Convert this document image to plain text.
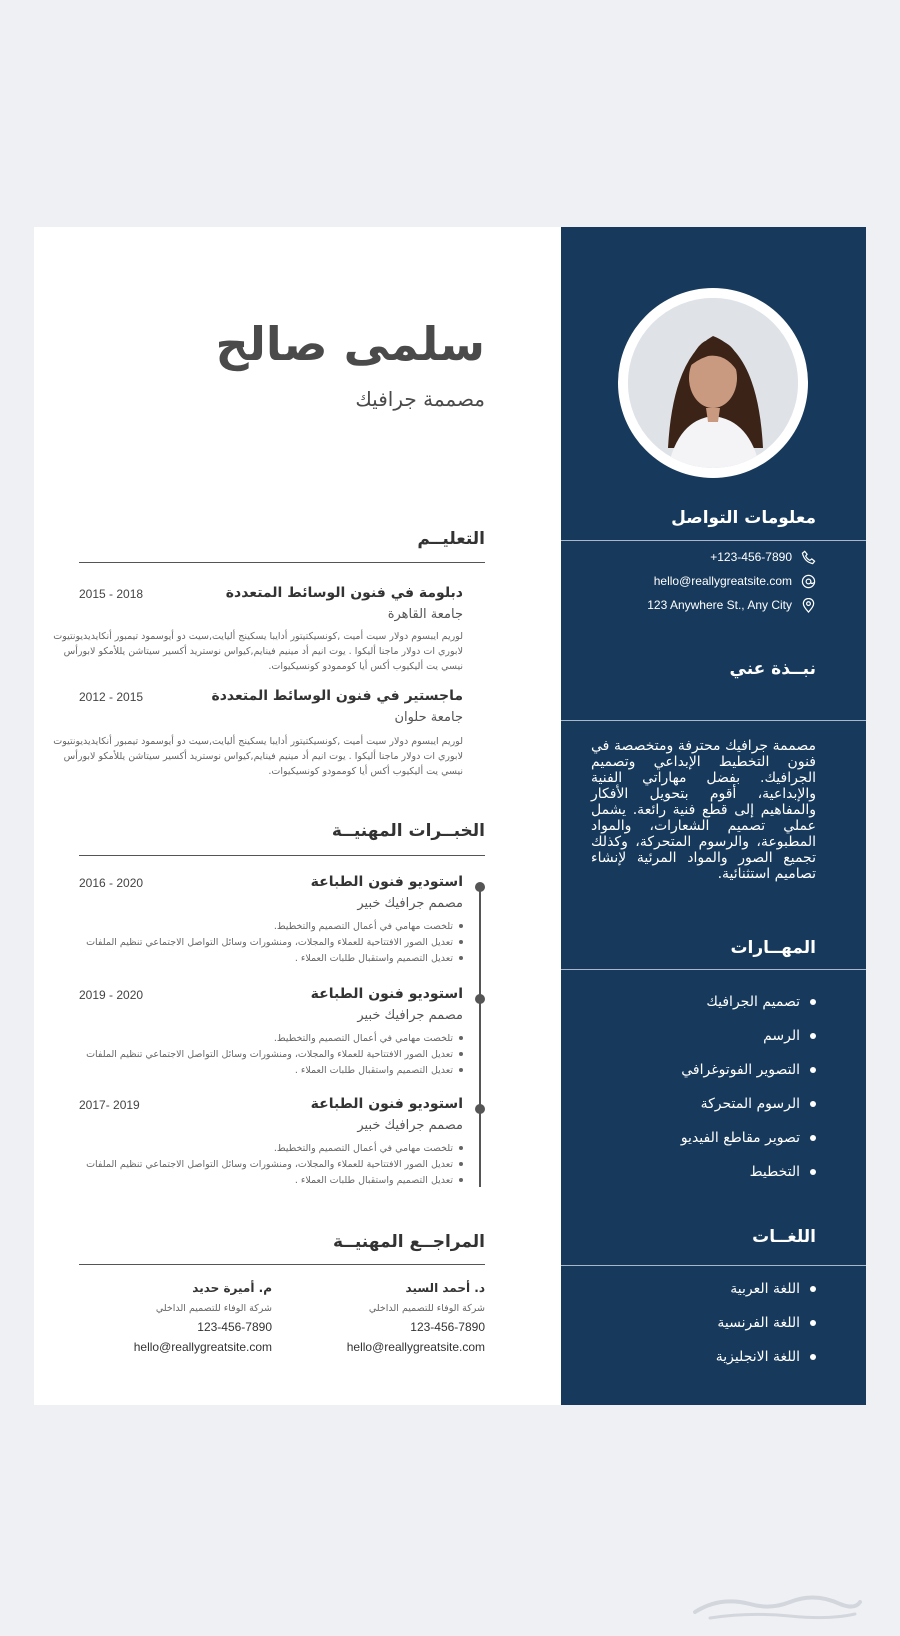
معلومات التواصل
+123-456-7890
hello@reallygreatsite.com
123 Anywhere St., Any City
نبــذة عني
مصممة جرافيك محترفة ومتخصصة في فنون التخطيط الإبداعي وتصميم الجرافيك. بفضل مهاراتي الفنية والإبداعية، أقوم بتحويل الأفكار والمفاهيم إلى قطع فنية رائعة. يشمل عملي تصميم الشعارات، والمواد المطبوعة، والرسوم المتحركة، وكذلك تجميع الصور والمواد المرئية لإنشاء تصاميم استثنائية.
المهــارات
تصميم الجرافيك
الرسم
التصوير الفوتوغرافي
الرسوم المتحركة
تصوير مقاطع الفيديو
التخطيط
اللغــات
اللغة العربية
اللغة الفرنسية
اللغة الانجليزية
سلمى صالح
مصممة جرافيك
التعليــم
دبلومة في فنون الوسائط المتعددة
2015 - 2018
جامعة القاهرة
لوريم ايبسوم دولار سيت أميت ,كونسيكتيتور أدايبا يسكينج أليايت,سيت دو أيوسمود تيمبور أنكايديديونتيوت لابوري ات دولار ماجنا أليكوا . يوت انيم أد مينيم فينايم,كيواس نوستريد أكسير سيتاشن يللأمكو لابورأس نيسي يت أليكيوب أكس أيا كوممودو كونسيكيوات.
ماجستير في فنون الوسائط المتعددة
2012 - 2015
جامعة حلوان
لوريم ايبسوم دولار سيت أميت ,كونسيكتيتور أدايبا يسكينج أليايت,سيت دو أيوسمود تيمبور أنكايديديونتيوت لابوري ات دولار ماجنا أليكوا . يوت انيم أد مينيم فينايم,كيواس نوستريد أكسير سيتاشن يللأمكو لابورأس نيسي يت أليكيوب أكس أيا كوممودو كونسيكيوات.
الخبــرات المهنيــة
استوديو فنون الطباعة
2016 - 2020
مصمم جرافيك خبير
تلخصت مهامي في أعمال التصميم والتخطيط.
تعديل الصور الافتتاحية للعملاء والمجلات، ومنشورات وسائل التواصل الاجتماعي تنظيم الملفات
تعديل التصميم واستقبال طلبات العملاء .
استوديو فنون الطباعة
2019 - 2020
مصمم جرافيك خبير
تلخصت مهامي في أعمال التصميم والتخطيط.
تعديل الصور الافتتاحية للعملاء والمجلات، ومنشورات وسائل التواصل الاجتماعي تنظيم الملفات
تعديل التصميم واستقبال طلبات العملاء .
استوديو فنون الطباعة
2017- 2019
مصمم جرافيك خبير
تلخصت مهامي في أعمال التصميم والتخطيط.
تعديل الصور الافتتاحية للعملاء والمجلات، ومنشورات وسائل التواصل الاجتماعي تنظيم الملفات
تعديل التصميم واستقبال طلبات العملاء .
المراجــع المهنيــة
د. أحمد السيد
شركة الوفاء للتصميم الداخلي
123-456-7890
hello@reallygreatsite.com
م. أميرة حديد
شركة الوفاء للتصميم الداخلي
123-456-7890
hello@reallygreatsite.com
